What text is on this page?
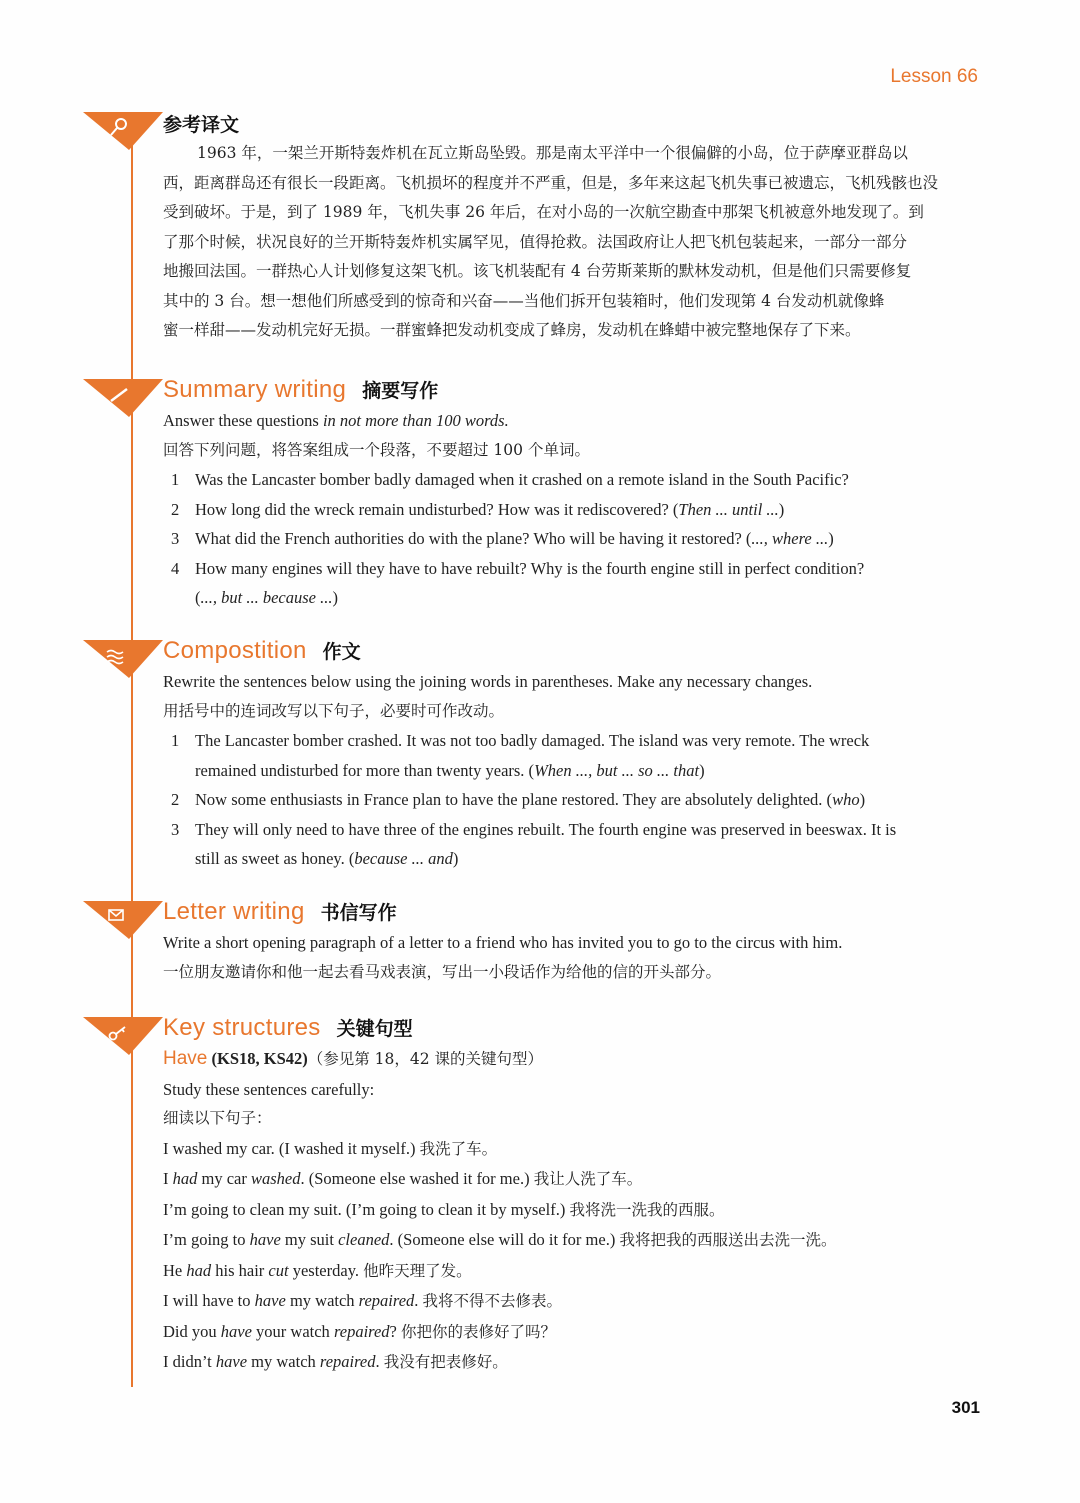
Lesson 66
参考译文

1963 年，一架兰开斯特轰炸机在瓦立斯岛坠毁。那是南太平洋中一个很偏僻的小岛，位于萨摩亚群岛以

西，距离群岛还有很长一段距离。飞机损坏的程度并不严重，但是，多年来这起飞机失事已被遗忘，飞机残骸也没

受到破坏。于是，到了 1989 年，飞机失事 26 年后，在对小岛的一次航空勘查中那架飞机被意外地发现了。到

了那个时候，状况良好的兰开斯特轰炸机实属罕见，值得抢救。法国政府让人把飞机包装起来，一部分一部分

地搬回法国。一群热心人计划修复这架飞机。该飞机装配有 4 台劳斯莱斯的默林发动机，但是他们只需要修复

其中的 3 台。想一想他们所感受到的惊奇和兴奋——当他们拆开包装箱时，他们发现第 4 台发动机就像蜂

蜜一样甜——发动机完好无损。一群蜜蜂把发动机变成了蜂房，发动机在蜂蜡中被完整地保存了下来。

Summary writing 摘要写作

Answer these questions in not more than 100 words.

回答下列问题，将答案组成一个段落，不要超过 100 个单词。

1 Was the Lancaster bomber badly damaged when it crashed on a remote island in the South Pacific?
2 How long did the wreck remain undisturbed? How was it rediscovered? (Then ... until ...)
3 What did the French authorities do with the plane? Who will be having it restored? (..., where ...)
4 How many engines will they have to have rebuilt? Why is the fourth engine still in perfect condition?
(..., but ... because ...)
Compostition 作文

Rewrite the sentences below using the joining words in parentheses. Make any necessary changes.

用括号中的连词改写以下句子，必要时可作改动。

1 The Lancaster bomber crashed. It was not too badly damaged. The island was very remote. The wreck
remained undisturbed for more than twenty years. (When ..., but ... so ... that)
2 Now some enthusiasts in France plan to have the plane restored. They are absolutely delighted. (who)
3 They will only need to have three of the engines rebuilt. The fourth engine was preserved in beeswax. It is
still as sweet as honey. (because ... and)
Letter writing 书信写作

Write a short opening paragraph of a letter to a friend who has invited you to go to the circus with him.

一位朋友邀请你和他一起去看马戏表演，写出一小段话作为给他的信的开头部分。

Key structures 关键句型

Have (KS18, KS42)（参见第 18，42 课的关键句型）

Study these sentences carefully:

细读以下句子：

I washed my car. (I washed it myself.) 我洗了车。

I had my car washed. (Someone else washed it for me.) 我让人洗了车。

I’m going to clean my suit. (I’m going to clean it by myself.) 我将洗一洗我的西服。

I’m going to have my suit cleaned. (Someone else will do it for me.) 我将把我的西服送出去洗一洗。

He had his hair cut yesterday. 他昨天理了发。

I will have to have my watch repaired. 我将不得不去修表。

Did you have your watch repaired? 你把你的表修好了吗？

I didn’t have my watch repaired. 我没有把表修好。

301
